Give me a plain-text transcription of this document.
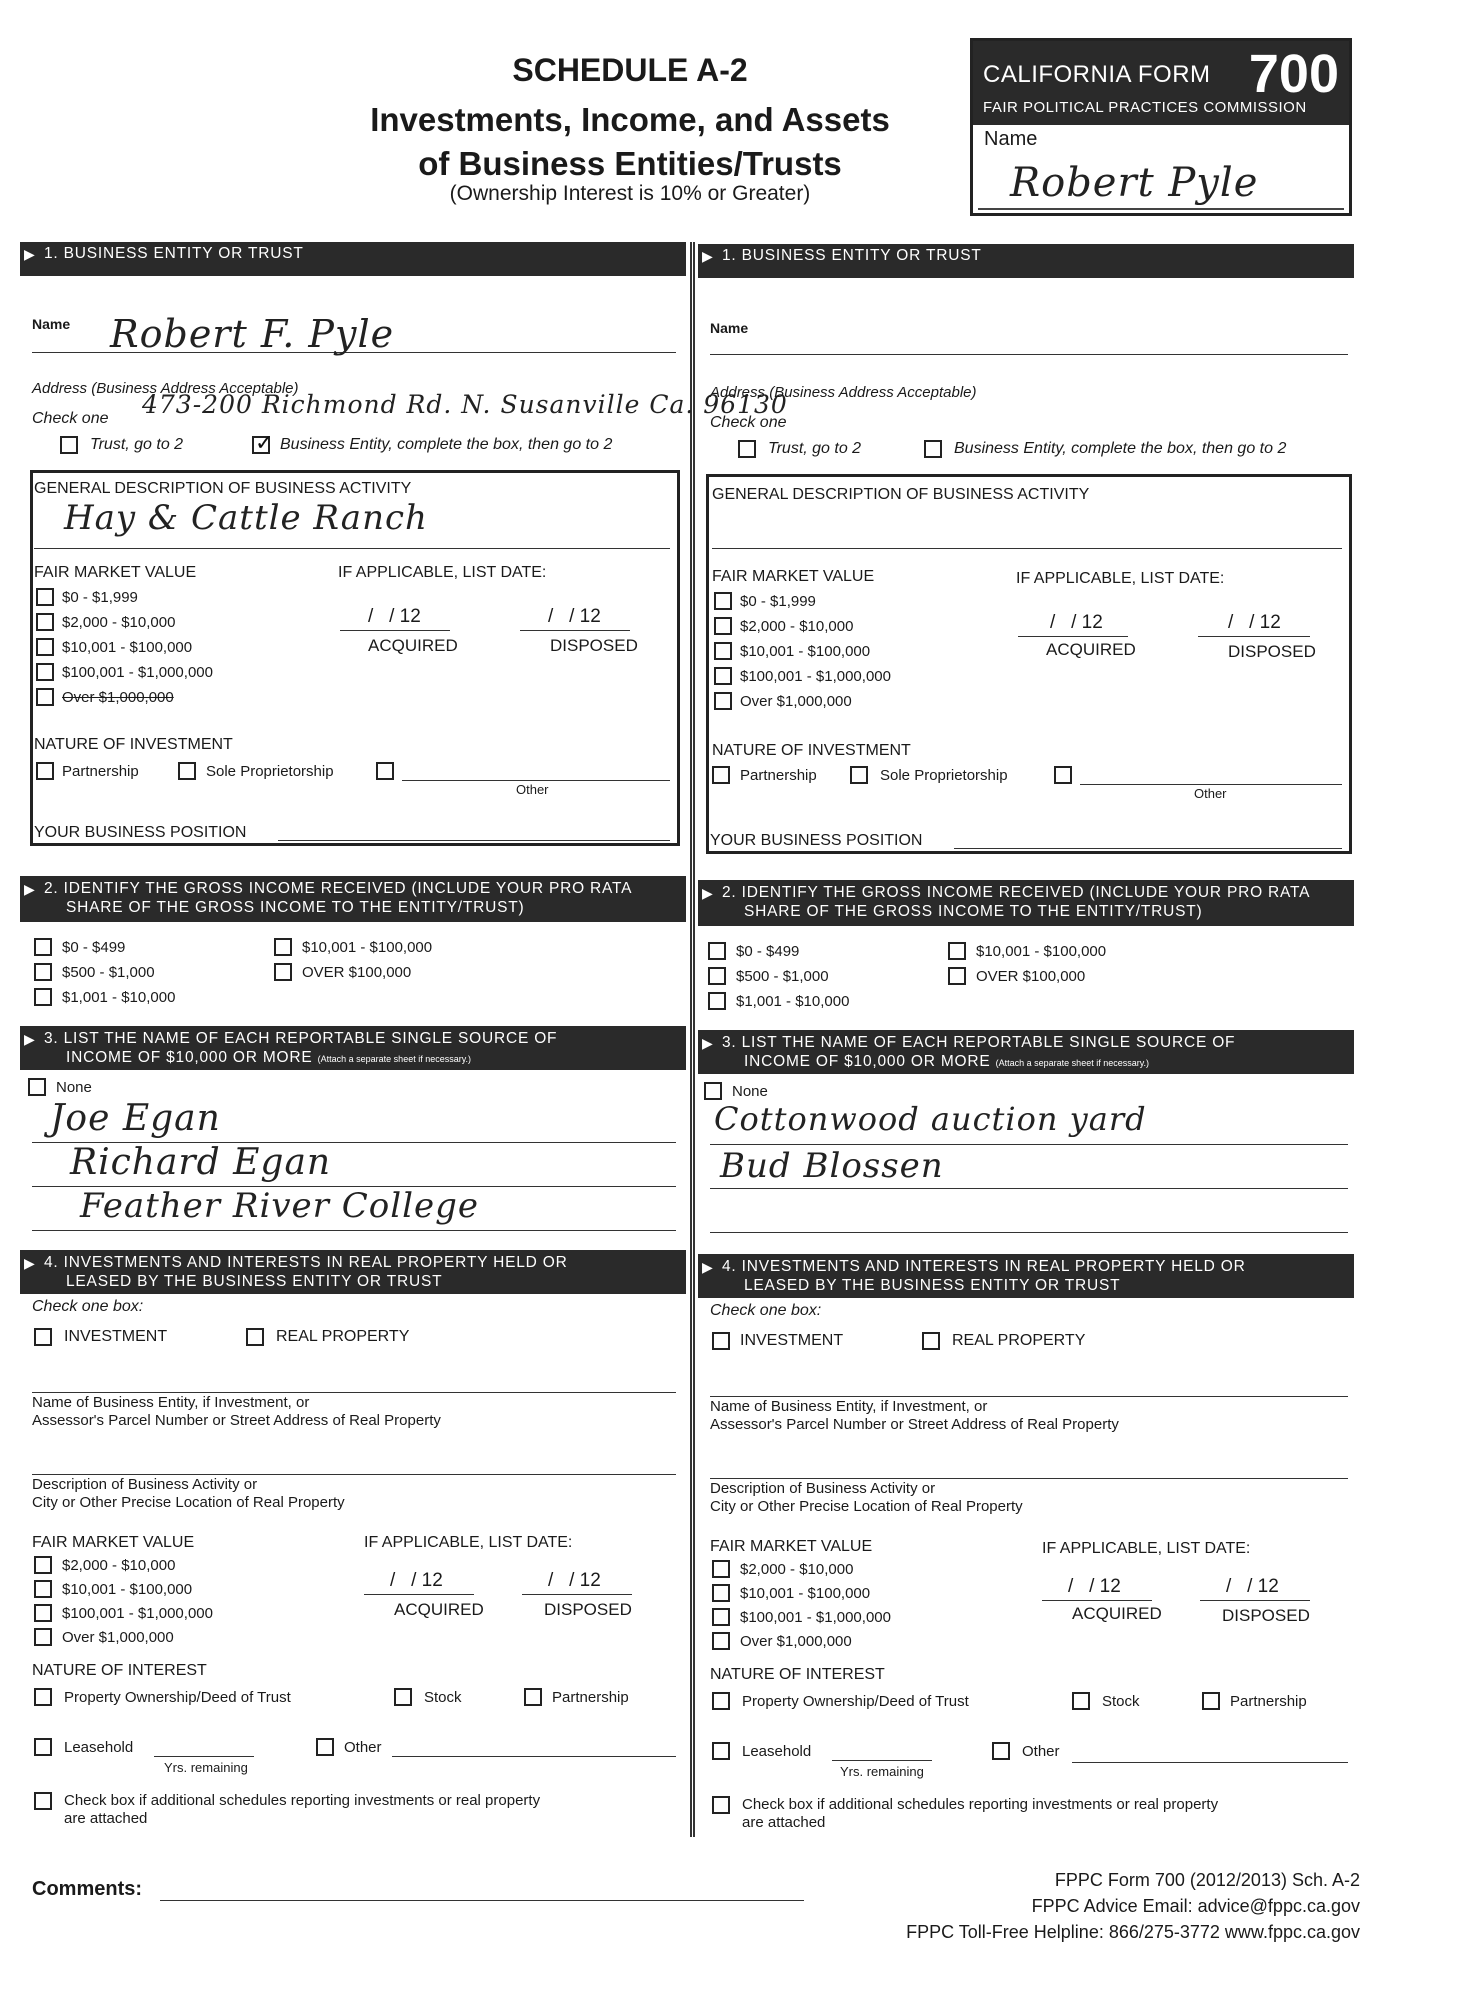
SCHEDULE A-2
Investments, Income, and Assets
of Business Entities/Trusts
(Ownership Interest is 10% or Greater)
CALIFORNIA FORM 700
FAIR POLITICAL PRACTICES COMMISSION
Name
Robert Pyle
▶ 1. BUSINESS ENTITY OR TRUST
Name Robert F. Pyle
Address (Business Address Acceptable)
473-200 Richmond Rd. N. Susanville Ca. 96130
Check one
Trust, go to 2
✓	Business Entity, complete the box, then go to 2
GENERAL DESCRIPTION OF BUSINESS ACTIVITY
Hay & Cattle Ranch
FAIR MARKET VALUE	IF APPLICABLE, LIST DATE:
$0 - $1,999
$2,000 - $10,000
$10,001 - $100,000
$100,001 - $1,000,000
Over $1,000,000
/ / 12
ACQUIRED
/ / 12
DISPOSED
NATURE OF INVESTMENT
Partnership	Sole Proprietorship
Other
YOUR BUSINESS POSITION
▶ 2. IDENTIFY THE GROSS INCOME RECEIVED (INCLUDE YOUR PRO RATA
SHARE OF THE GROSS INCOME TO THE ENTITY/TRUST)
$0 - $499
$500 - $1,000
$1,001 - $10,000
$10,001 - $100,000
OVER $100,000
▶ 3. LIST THE NAME OF EACH REPORTABLE SINGLE SOURCE OF
INCOME OF $10,000 OR MORE (Attach a separate sheet if necessary.)
None
Joe Egan
Richard Egan
Feather River College
▶ 4. INVESTMENTS AND INTERESTS IN REAL PROPERTY HELD OR
LEASED BY THE BUSINESS ENTITY OR TRUST
Check one box:
INVESTMENT	REAL PROPERTY
Name of Business Entity, if Investment, or
Assessor's Parcel Number or Street Address of Real Property
Description of Business Activity or
City or Other Precise Location of Real Property
FAIR MARKET VALUE	IF APPLICABLE, LIST DATE:
$2,000 - $10,000
$10,001 - $100,000
$100,001 - $1,000,000
Over $1,000,000
/ / 12
ACQUIRED
/ / 12
DISPOSED
NATURE OF INTEREST
Property Ownership/Deed of Trust	Stock	Partnership
Leasehold
Yrs. remaining
Other
Check box if additional schedules reporting investments or real property
are attached
▶ 1. BUSINESS ENTITY OR TRUST
Name
Address (Business Address Acceptable)
Check one
Trust, go to 2	Business Entity, complete the box, then go to 2
GENERAL DESCRIPTION OF BUSINESS ACTIVITY
FAIR MARKET VALUE	IF APPLICABLE, LIST DATE:
$0 - $1,999
$2,000 - $10,000
$10,001 - $100,000
$100,001 - $1,000,000
Over $1,000,000
/ / 12
ACQUIRED
/ / 12
DISPOSED
NATURE OF INVESTMENT
Partnership	Sole Proprietorship
Other
YOUR BUSINESS POSITION
▶ 2. IDENTIFY THE GROSS INCOME RECEIVED (INCLUDE YOUR PRO RATA
SHARE OF THE GROSS INCOME TO THE ENTITY/TRUST)
$0 - $499
$500 - $1,000
$1,001 - $10,000
$10,001 - $100,000
OVER $100,000
▶ 3. LIST THE NAME OF EACH REPORTABLE SINGLE SOURCE OF
INCOME OF $10,000 OR MORE (Attach a separate sheet if necessary.)
None
Cottonwood auction yard
Bud Blossen
▶ 4. INVESTMENTS AND INTERESTS IN REAL PROPERTY HELD OR
LEASED BY THE BUSINESS ENTITY OR TRUST
Check one box:
INVESTMENT	REAL PROPERTY
Name of Business Entity, if Investment, or
Assessor's Parcel Number or Street Address of Real Property
Description of Business Activity or
City or Other Precise Location of Real Property
FAIR MARKET VALUE	IF APPLICABLE, LIST DATE:
$2,000 - $10,000
$10,001 - $100,000
$100,001 - $1,000,000
Over $1,000,000
/ / 12
ACQUIRED
/ / 12
DISPOSED
NATURE OF INTEREST
Property Ownership/Deed of Trust	Stock	Partnership
Leasehold
Yrs. remaining
Other
Check box if additional schedules reporting investments or real property
are attached
Comments:	FPPC Form 700 (2012/2013) Sch. A-2
FPPC Advice Email: advice@fppc.ca.gov
FPPC Toll-Free Helpline: 866/275-3772 www.fppc.ca.gov
